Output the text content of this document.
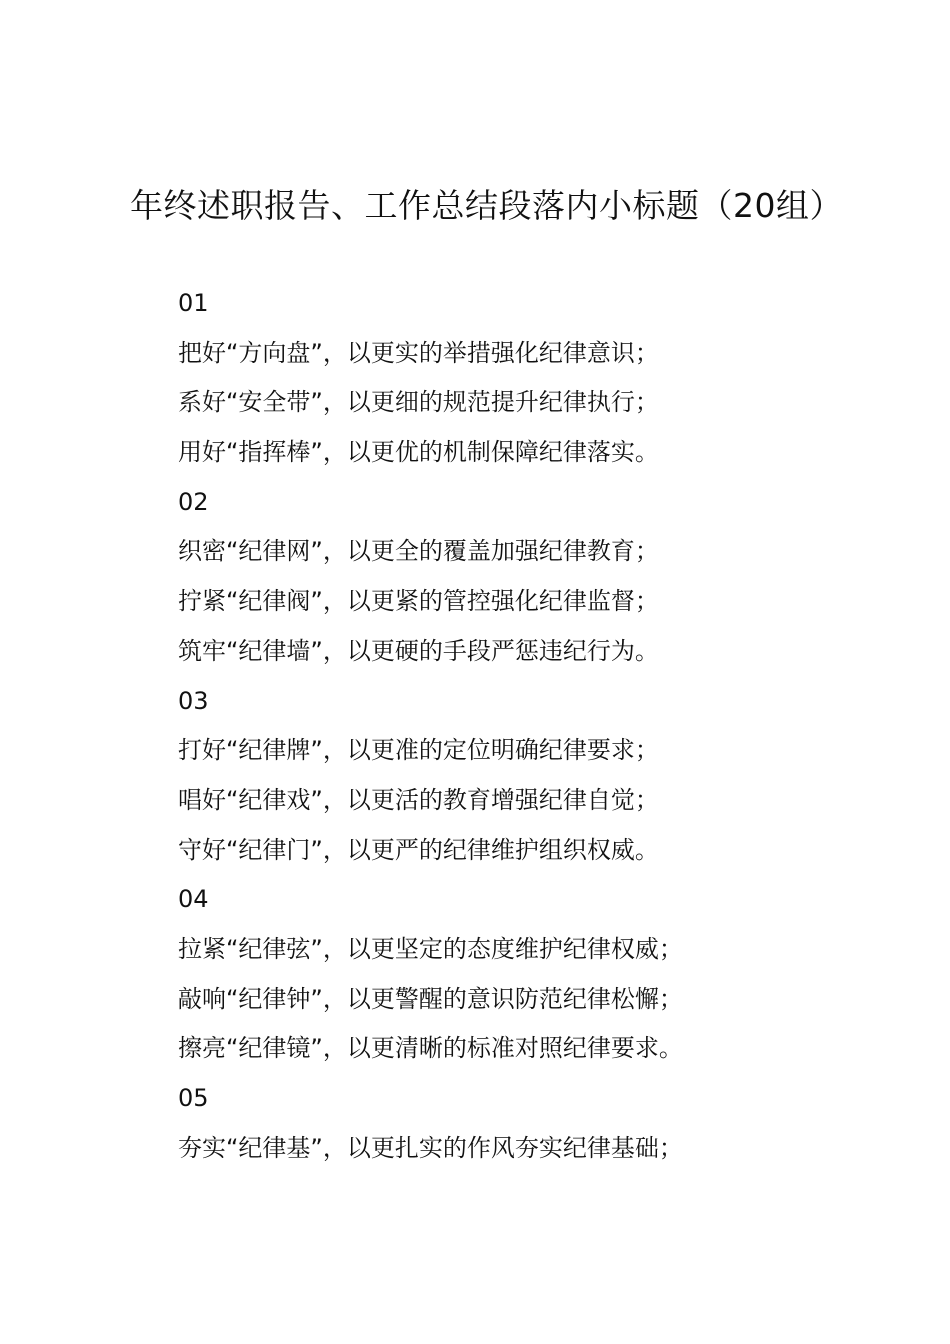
年终述职报告、工作总结段落内小标题（20组）

01

把好“方向盘”，以更实的举措强化纪律意识；

系好“安全带”，以更细的规范提升纪律执行；

用好“指挥棒”，以更优的机制保障纪律落实。

02

织密“纪律网”，以更全的覆盖加强纪律教育；

拧紧“纪律阀”，以更紧的管控强化纪律监督；

筑牢“纪律墙”，以更硬的手段严惩违纪行为。

03

打好“纪律牌”，以更准的定位明确纪律要求；

唱好“纪律戏”，以更活的教育增强纪律自觉；

守好“纪律门”，以更严的纪律维护组织权威。

04

拉紧“纪律弦”，以更坚定的态度维护纪律权威；

敲响“纪律钟”，以更警醒的意识防范纪律松懈；

擦亮“纪律镜”，以更清晰的标准对照纪律要求。

05

夯实“纪律基”，以更扎实的作风夯实纪律基础；
